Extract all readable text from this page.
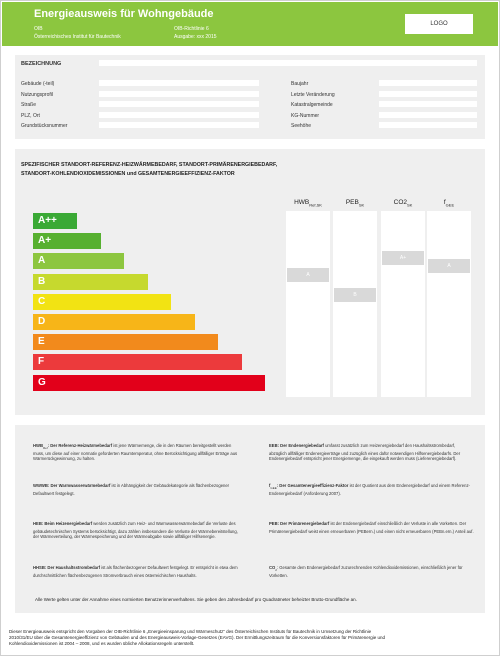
Energieausweis für Wohngebäude
OIB
Österreichisches Institut für Bautechnik
OIB-Richtlinie 6
Ausgabe: xxx 2015
LOGO
BEZEICHNUNG
Gebäude (-teil)
Nutzungsprofil
Straße
PLZ, Ort
Grundstücksnummer
Baujahr
Letzte Veränderung
Katastralgemeinde
KG-Nummer
Seehöhe
SPEZIFISCHER STANDORT-REFERENZ-HEIZWÄRMEBEDARF, STANDORT-PRIMÄRENERGIEBEDARF,
STANDORT-KOHLENDIOXIDEMISSIONEN und GESAMTENERGIEEFFIZIENZ-FAKTOR
A++
A+
A
B
C
D
E
F
G
$HWB_{Ref,SK}$
A
$PEB_{SK}$
B
$CO2_{SK}$
A+
$f_{GEE}$
A
$HWB_{Ref}$: Der Referenz-Heizwärmebedarf ist jene Wärmemenge, die in den Räumen bereitgestellt werden muss, um diese auf einer normativ geforderten Raumtemperatur, ohne Berücksichtigung allfälliger Erträge aus Wärmerückgewinnung, zu halten.
WWWB: Der Warmwasserwärmebedarf ist in Abhängigkeit der Gebäudekategorie als flächenbezogener Defaultwert festgelegt.
HEB: Beim Heizenergiebedarf werden zusätzlich zum Heiz- und Warmwasserwärmebedarf die Verluste des gebäudetechnischen Systems berücksichtigt, dazu zählen insbesondere die Verluste der Wärmebereitstellung, der Wärmeverteilung, der Wärmespeicherung und der Wärmeabgabe sowie allfälliger Hilfsenergie.
HHSB: Der Haushaltsstrombedarf ist als flächenbezogener Defaultwert festgelegt. Er entspricht in etwa dem durchschnittlichen flächenbezogenen Stromverbrauch eines österreichischen Haushalts.
EEB: Der Endenergiebedarf umfasst zusätzlich zum Heizenergiebedarf den Haushaltsstrombedarf, abzüglich allfälliger Endenergieerträge und zuzüglich eines dafür notwendigen Hilfsenergiebedarfs. Der Endenergiebedarf entspricht jener Energiemenge, die eingekauft werden muss (Lieferenergiebedarf).
$f_{GEE}$: Der Gesamtenergieeffizienz-Faktor ist der Quotient aus dem Endenergiebedarf und einem Referenz-Endenergiebedarf (Anforderung 2007).
PEB: Der Primärenergiebedarf ist der Endenergiebedarf einschließlich der Verluste in alle Vorketten. Der Primärenergiebedarf weist einen erneuerbaren (PEBern.) und einen nicht erneuerbaren (PEBn.ern.) Anteil auf.
$CO_2$: Gesamte dem Endenergiebedarf zuzurechnenden Kohlendioxidemissionen, einschließlich jener für Vorketten.
Alle Werte gelten unter der Annahme eines normierten Benutzerinnenverhaltens. Sie geben den Jahresbedarf pro Quadratmeter beheizter Brutto-Grundfläche an.
Dieser Energieausweis entspricht den Vorgaben der OIB-Richtlinie 6 „Energieeinsparung und Wärmeschutz“ des Österreichischen Instituts für Bautechnik in Umsetzung der Richtlinie
2010/31/EU über die Gesamtenergieeffizienz von Gebäuden und des Energieausweis-Vorlage-Gesetzes (EAVG). Der Ermittlungszeitraum für die Konversionsfaktoren für Primärenergie und
Kohlendioxidemissionen ist 2004 – 2008, und es wurden übliche Allokationsregeln unterstellt.
